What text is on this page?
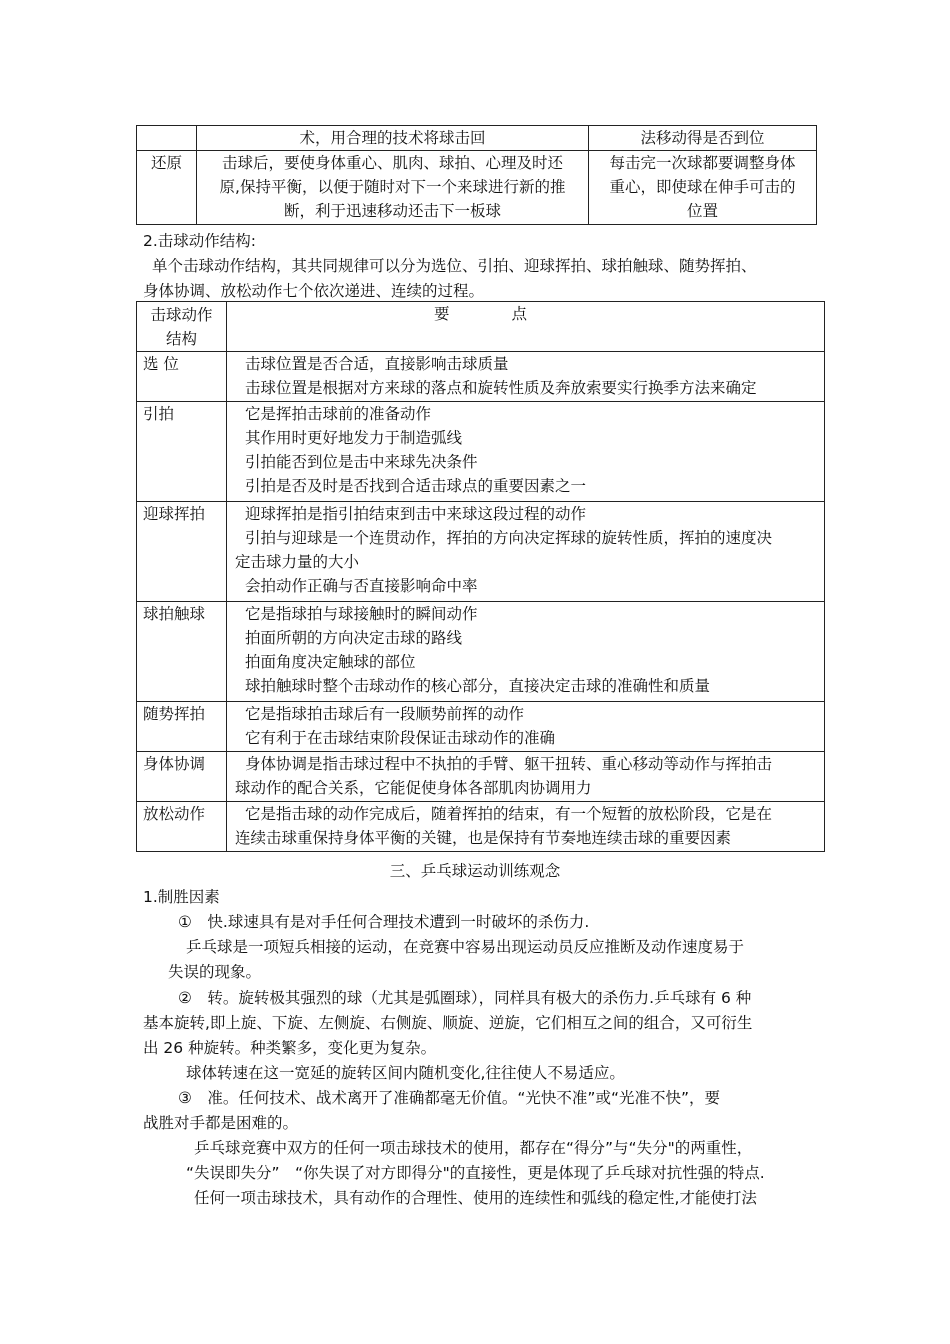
	术，用合理的技术将球击回	法移动得是否到位
还原	击球后，要使身体重心、肌肉、球拍、心理及时还
原,保持平衡，以便于随时对下一个来球进行新的推
断，利于迅速移动还击下一板球	每击完一次球都要调整身体
重心，即使球在伸手可击的
位置
2.击球动作结构:
单个击球动作结构，其共同规律可以分为选位、引拍、迎球挥拍、球拍触球、随势挥拍、
身体协调、放松动作七个依次递进、连续的过程。
击球动作
结构	要　　　　点
选 位	击球位置是否合适，直接影响击球质量
击球位置是根据对方来球的落点和旋转性质及奔放索要实行换季方法来确定

引拍	它是挥拍击球前的准备动作
其作用时更好地发力于制造弧线
引拍能否到位是击中来球先决条件
引拍是否及时是否找到合适击球点的重要因素之一

迎球挥拍	迎球挥拍是指引拍结束到击中来球这段过程的动作
引拍与迎球是一个连贯动作，挥拍的方向决定挥球的旋转性质，挥拍的速度决
定击球力量的大小
会拍动作正确与否直接影响命中率

球拍触球	它是指球拍与球接触时的瞬间动作
拍面所朝的方向决定击球的路线
拍面角度决定触球的部位
球拍触球时整个击球动作的核心部分，直接决定击球的准确性和质量

随势挥拍	它是指球拍击球后有一段顺势前挥的动作
它有利于在击球结束阶段保证击球动作的准确

身体协调	身体协调是指击球过程中不执拍的手臂、躯干扭转、重心移动等动作与挥拍击
球动作的配合关系，它能促使身体各部肌肉协调用力

放松动作	它是指击球的动作完成后，随着挥拍的结束，有一个短暂的放松阶段，它是在
连续击球重保持身体平衡的关键，也是保持有节奏地连续击球的重要因素
三、乒乓球运动训练观念
1.制胜因素
①　快.球速具有是对手任何合理技术遭到一时破坏的杀伤力.
乒乓球是一项短兵相接的运动，在竞赛中容易出现运动员反应推断及动作速度易于
失误的现象。
②　转。旋转极其强烈的球（尤其是弧圈球），同样具有极大的杀伤力.乒乓球有 6 种
基本旋转,即上旋、下旋、左侧旋、右侧旋、顺旋、逆旋，它们相互之间的组合，又可衍生
出 26 种旋转。种类繁多，变化更为复杂。
球体转速在这一宽延的旋转区间内随机变化,往往使人不易适应。
③　准。任何技术、战术离开了准确都毫无价值。“光快不准”或“光准不快”，要
战胜对手都是困难的。
乒乓球竞赛中双方的任何一项击球技术的使用，都存在“得分”与“失分"的两重性，
“失误即失分”　“你失误了对方即得分"的直接性，更是体现了乒乓球对抗性强的特点.
任何一项击球技术，具有动作的合理性、使用的连续性和弧线的稳定性,才能使打法
